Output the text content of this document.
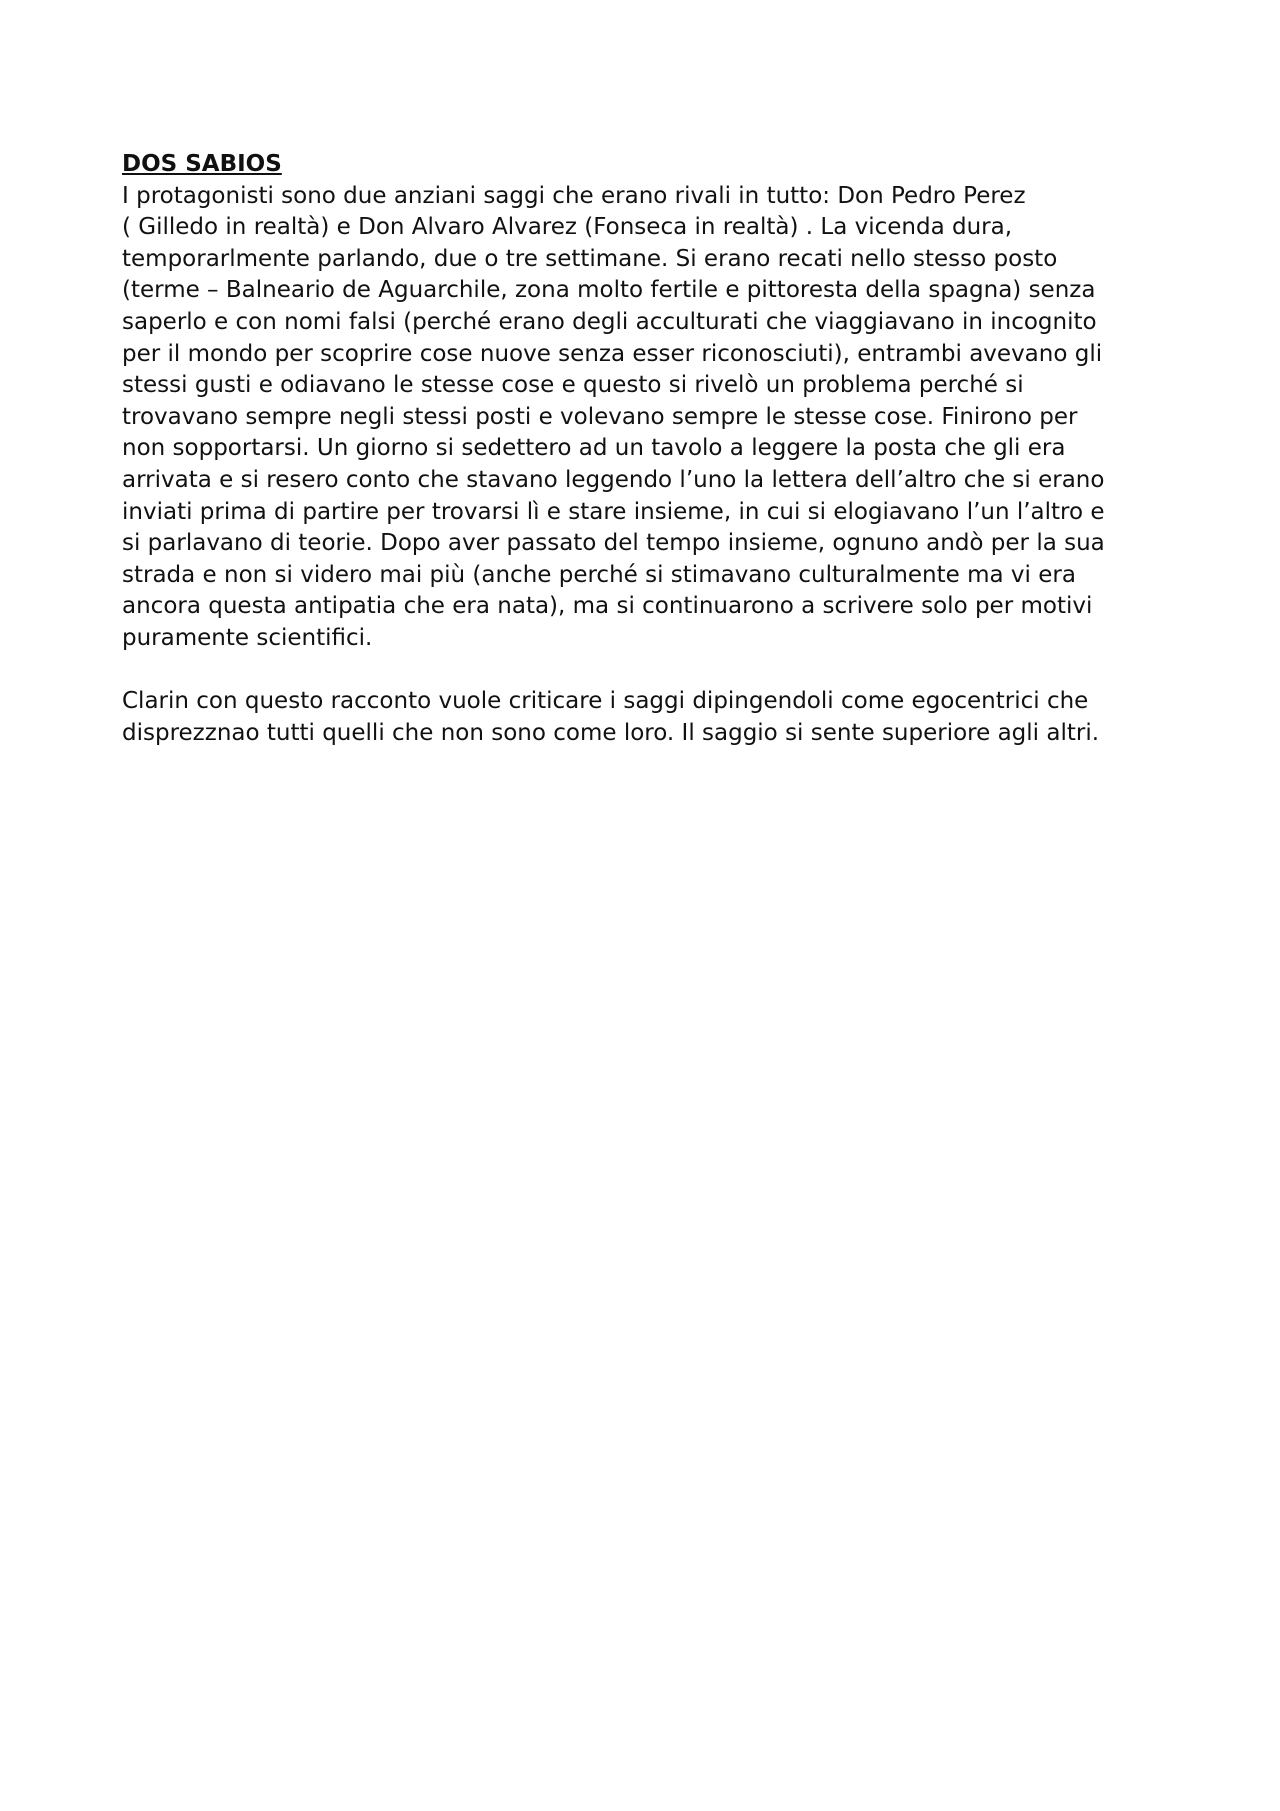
DOS SABIOS
I protagonisti sono due anziani saggi che erano rivali in tutto: Don Pedro Perez
( Gilledo in realtà) e Don Alvaro Alvarez (Fonseca in realtà) . La vicenda dura,
temporarlmente parlando, due o tre settimane. Si erano recati nello stesso posto
(terme – Balneario de Aguarchile, zona molto fertile e pittoresta della spagna) senza
saperlo e con nomi falsi (perché erano degli acculturati che viaggiavano in incognito
per il mondo per scoprire cose nuove senza esser riconosciuti), entrambi avevano gli
stessi gusti e odiavano le stesse cose e questo si rivelò un problema perché si
trovavano sempre negli stessi posti e volevano sempre le stesse cose. Finirono per
non sopportarsi. Un giorno si sedettero ad un tavolo a leggere la posta che gli era
arrivata e si resero conto che stavano leggendo l’uno la lettera dell’altro che si erano
inviati prima di partire per trovarsi lì e stare insieme, in cui si elogiavano l’un l’altro e
si parlavano di teorie. Dopo aver passato del tempo insieme, ognuno andò per la sua
strada e non si videro mai più (anche perché si stimavano culturalmente ma vi era
ancora questa antipatia che era nata), ma si continuarono a scrivere solo per motivi
puramente scientifici.
Clarin con questo racconto vuole criticare i saggi dipingendoli come egocentrici che
disprezznao tutti quelli che non sono come loro. Il saggio si sente superiore agli altri.
